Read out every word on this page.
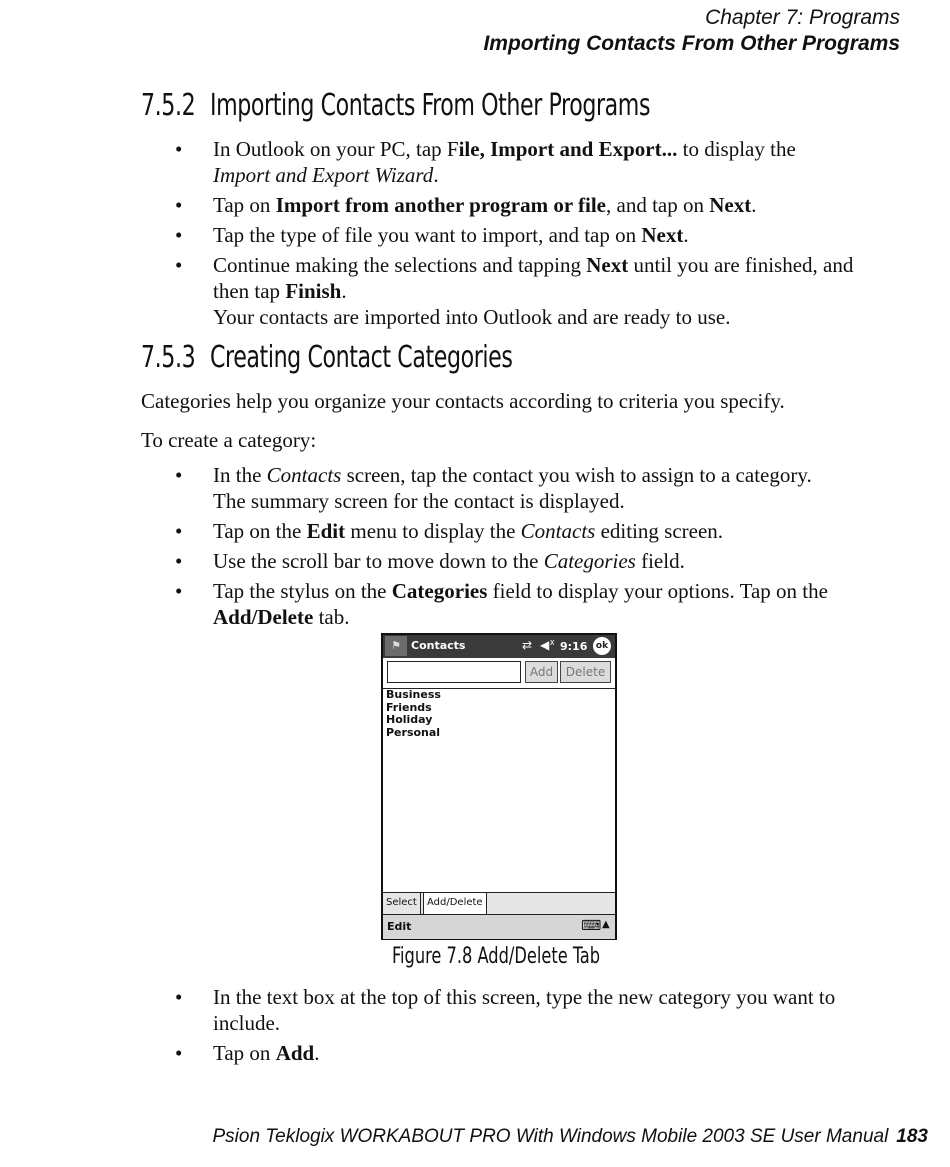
Chapter 7: Programs
Importing Contacts From Other Programs
7.5.2 Importing Contacts From Other Programs
• In Outlook on your PC, tap File, Import and Export... to display the
Import and Export Wizard.
• Tap on Import from another program or file, and tap on Next.
• Tap the type of file you want to import, and tap on Next.
• Continue making the selections and tapping Next until you are finished, and
then tap Finish.
Your contacts are imported into Outlook and are ready to use.
7.5.3 Creating Contact Categories

Categories help you organize your contacts according to criteria you specify.

To create a category:

• In the Contacts screen, tap the contact you wish to assign to a category.
The summary screen for the contact is displayed.
• Tap on the Edit menu to display the Contacts editing screen.
• Use the scroll bar to move down to the Categories field.
• Tap the stylus on the Categories field to display your options. Tap on the
Add/Delete tab.
⚑ Contacts	⇄ ◀ᕽ 9:16 ok
Add	Delete
Business
Friends
Holiday
Personal
Select	Add/Delete
Edit	⌨ ▲

Figure 7.8 Add/Delete Tab

• In the text box at the top of this screen, type the new category you want to
include.
• Tap on Add.
Psion Teklogix WORKABOUT PRO With Windows Mobile 2003 SE User Manual 183
